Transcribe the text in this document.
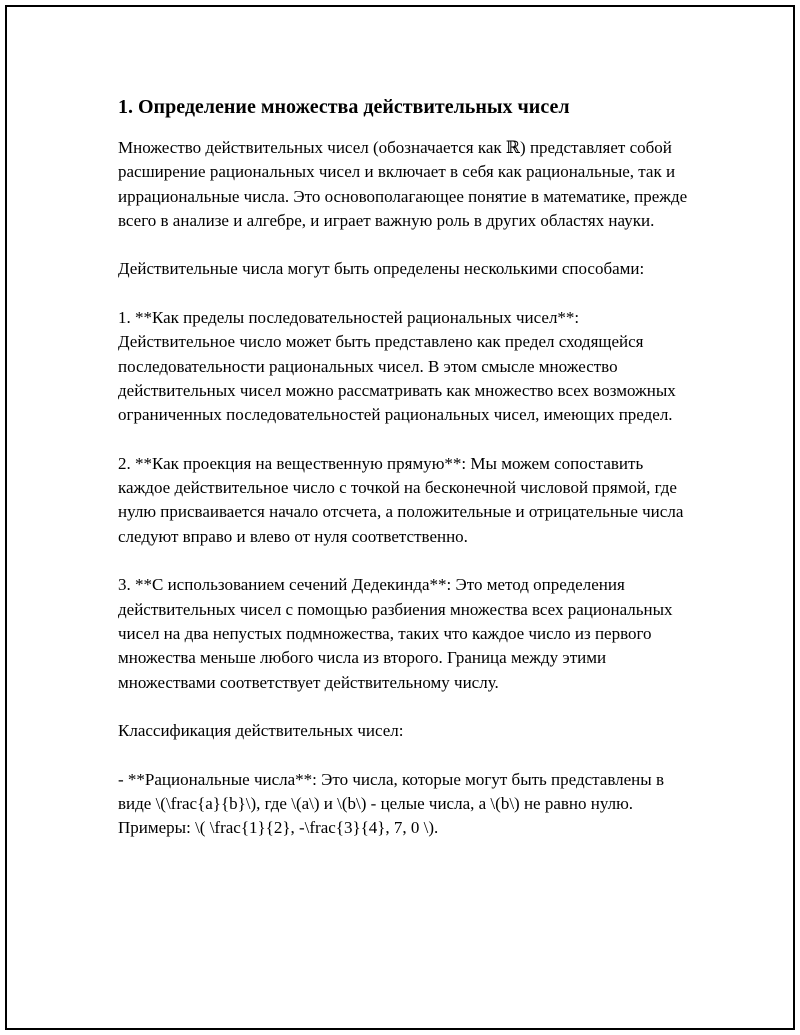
1. Определение множества действительных чисел

Множество действительных чисел (обозначается как ℝ) представляет собой расширение рациональных чисел и включает в себя как рациональные, так и иррациональные числа. Это основополагающее понятие в математике, прежде всего в анализе и алгебре, и играет важную роль в других областях науки.

Действительные числа могут быть определены несколькими способами:

1. **Как пределы последовательностей рациональных чисел**: Действительное число может быть представлено как предел сходящейся последовательности рациональных чисел. В этом смысле множество действительных чисел можно рассматривать как множество всех возможных ограниченных последовательностей рациональных чисел, имеющих предел.

2. **Как проекция на вещественную прямую**: Мы можем сопоставить каждое действительное число с точкой на бесконечной числовой прямой, где нулю присваивается начало отсчета, а положительные и отрицательные числа следуют вправо и влево от нуля соответственно.

3. **С использованием сечений Дедекинда**: Это метод определения действительных чисел с помощью разбиения множества всех рациональных чисел на два непустых подмножества, таких что каждое число из первого множества меньше любого числа из второго. Граница между этими множествами соответствует действительному числу.

Классификация действительных чисел:

- **Рациональные числа**: Это числа, которые могут быть представлены в виде \(\frac{a}{b}\), где \(a\) и \(b\) - целые числа, а \(b\) не равно нулю. Примеры: \( \frac{1}{2}, -\frac{3}{4}, 7, 0 \).
